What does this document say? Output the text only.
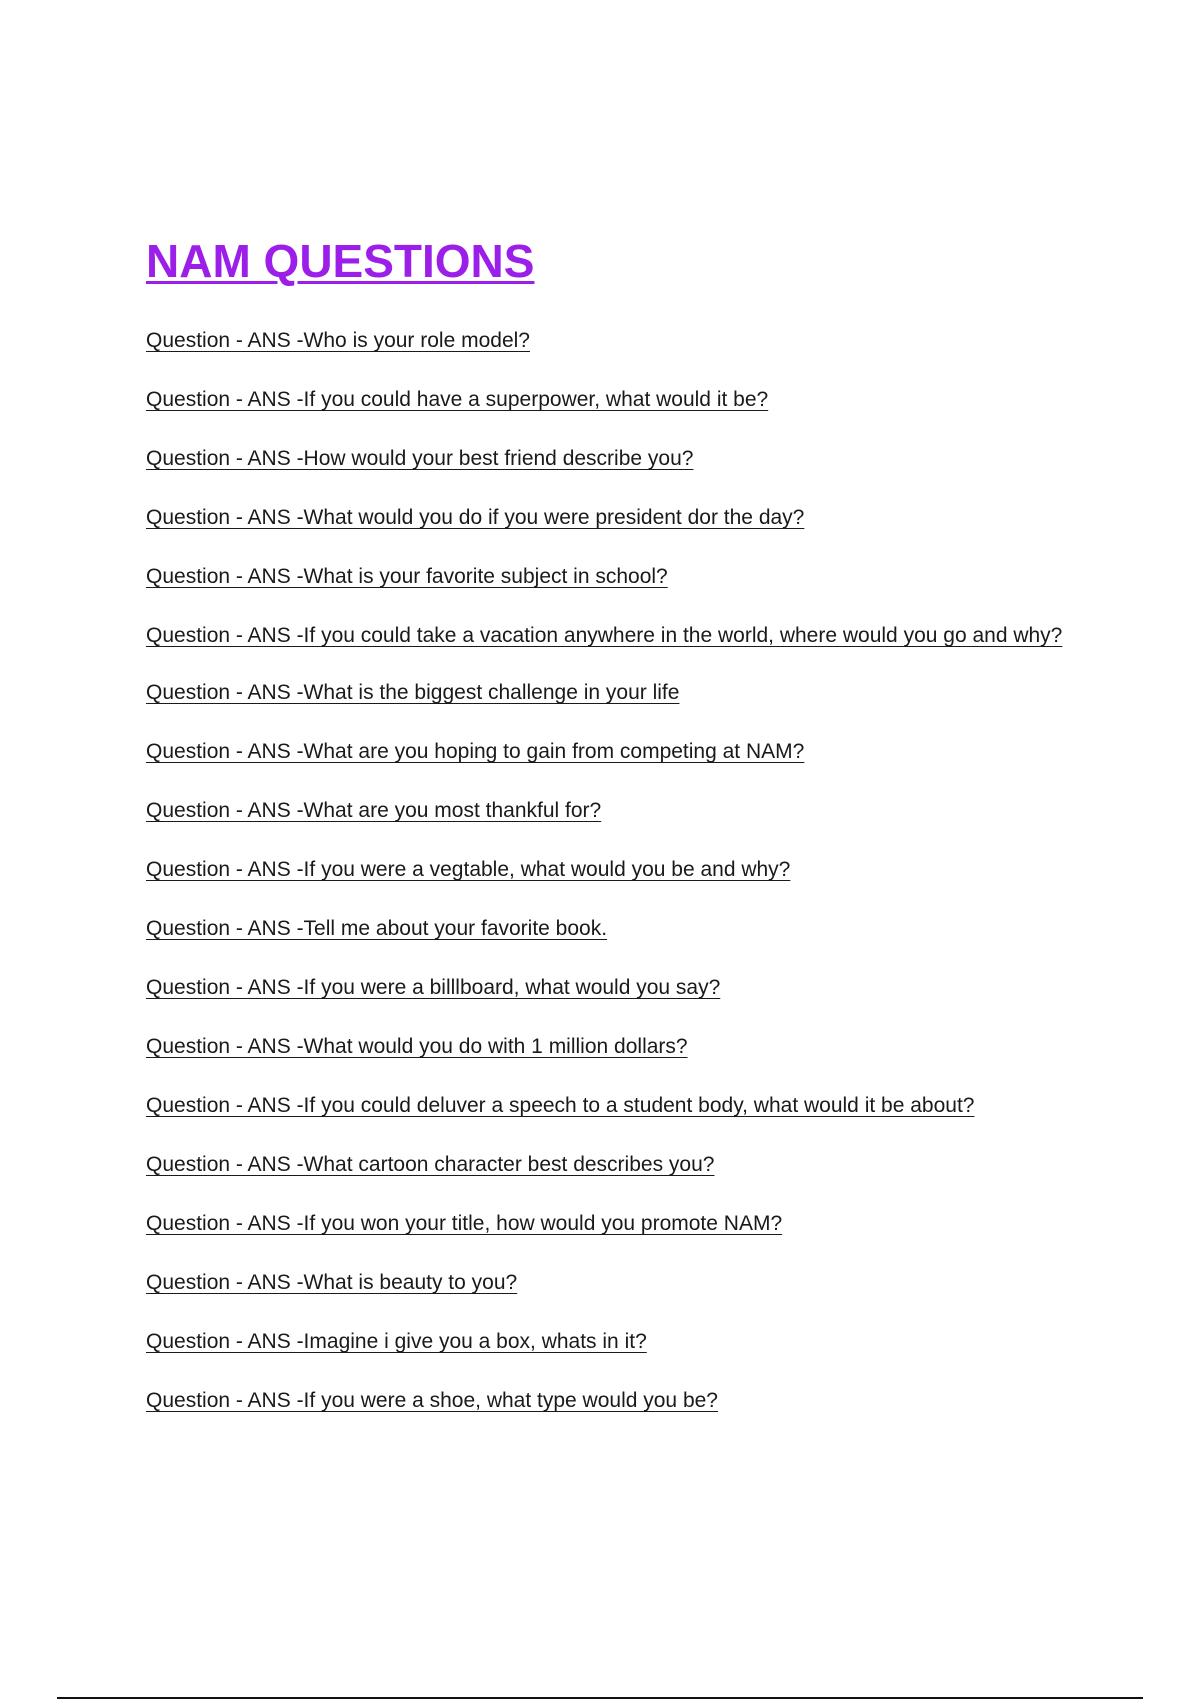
NAM QUESTIONS
Question - ANS -Who is your role model?
Question - ANS -If you could have a superpower, what would it be?
Question - ANS -How would your best friend describe you?
Question - ANS -What would you do if you were president dor the day?
Question - ANS -What is your favorite subject in school?
Question - ANS -If you could take a vacation anywhere in the world, where would you go and why?
Question - ANS -What is the biggest challenge in your life
Question - ANS -What are you hoping to gain from competing at NAM?
Question - ANS -What are you most thankful for?
Question - ANS -If you were a vegtable, what would you be and why?
Question - ANS -Tell me about your favorite book.
Question - ANS -If you were a billlboard, what would you say?
Question - ANS -What would you do with 1 million dollars?
Question - ANS -If you could deluver a speech to a student body, what would it be about?
Question - ANS -What cartoon character best describes you?
Question - ANS -If you won your title, how would you promote NAM?
Question - ANS -What is beauty to you?
Question - ANS -Imagine i give you a box, whats in it?
Question - ANS -If you were a shoe, what type would you be?
